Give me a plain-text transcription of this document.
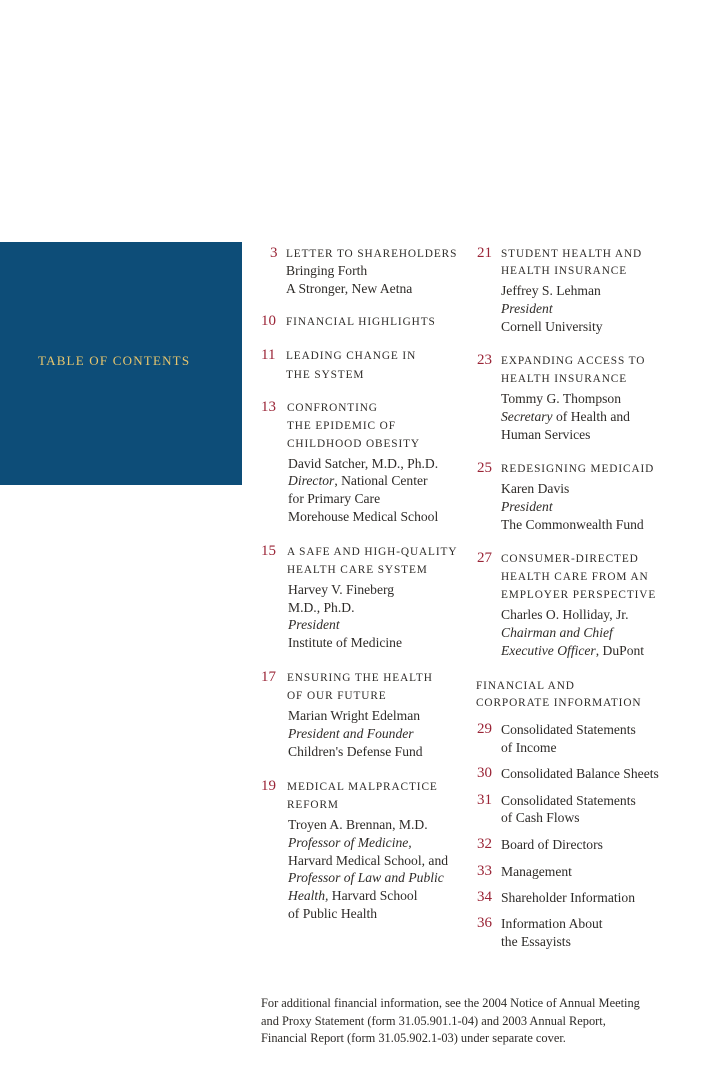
TABLE OF CONTENTS
3 LETTER TO SHAREHOLDERS
Bringing Forth
A Stronger, New Aetna
10 FINANCIAL HIGHLIGHTS
11 LEADING CHANGE IN
THE SYSTEM
13 CONFRONTING
THE EPIDEMIC OF
CHILDHOOD OBESITY
David Satcher, M.D., Ph.D.
Director, National Center
for Primary Care
Morehouse Medical School
15 A SAFE AND HIGH-QUALITY
HEALTH CARE SYSTEM
Harvey V. Fineberg
M.D., Ph.D.
President
Institute of Medicine
17 ENSURING THE HEALTH
OF OUR FUTURE
Marian Wright Edelman
President and Founder
Children's Defense Fund
19 MEDICAL MALPRACTICE
REFORM
Troyen A. Brennan, M.D.
Professor of Medicine,
Harvard Medical School, and
Professor of Law and Public
Health, Harvard School
of Public Health
21 STUDENT HEALTH AND
HEALTH INSURANCE
Jeffrey S. Lehman
President
Cornell University
23 EXPANDING ACCESS TO
HEALTH INSURANCE
Tommy G. Thompson
Secretary of Health and
Human Services
25 REDESIGNING MEDICAID
Karen Davis
President
The Commonwealth Fund
27 CONSUMER-DIRECTED
HEALTH CARE FROM AN
EMPLOYER PERSPECTIVE
Charles O. Holliday, Jr.
Chairman and Chief
Executive Officer, DuPont
FINANCIAL AND
CORPORATE INFORMATION
29 Consolidated Statements
of Income
30 Consolidated Balance Sheets
31 Consolidated Statements
of Cash Flows
32 Board of Directors
33 Management
34 Shareholder Information
36 Information About
the Essayists
For additional financial information, see the 2004 Notice of Annual Meeting
and Proxy Statement (form 31.05.901.1-04) and 2003 Annual Report,
Financial Report (form 31.05.902.1-03) under separate cover.
